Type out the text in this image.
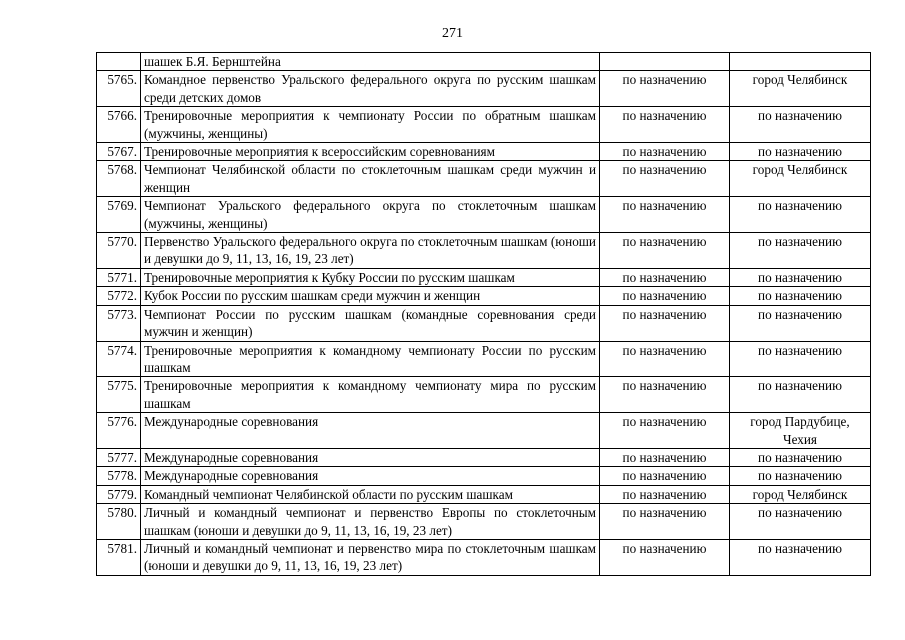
271
	шашек Б.Я. Бернштейна		
5765.	Командное первенство Уральского федерального округа по русским шашкам среди детских домов	по назначению	город Челябинск
5766.	Тренировочные мероприятия к чемпионату России по обратным шашкам (мужчины, женщины)	по назначению	по назначению
5767.	Тренировочные мероприятия к всероссийским соревнованиям	по назначению	по назначению
5768.	Чемпионат Челябинской области по стоклеточным шашкам среди мужчин и женщин	по назначению	город Челябинск
5769.	Чемпионат Уральского федерального округа по стоклеточным шашкам (мужчины, женщины)	по назначению	по назначению
5770.	Первенство Уральского федерального округа по стоклеточным шашкам (юноши и девушки до 9, 11, 13, 16, 19, 23 лет)	по назначению	по назначению
5771.	Тренировочные мероприятия к Кубку России по русским шашкам	по назначению	по назначению
5772.	Кубок России по русским шашкам среди мужчин и женщин	по назначению	по назначению
5773.	Чемпионат России по русским шашкам (командные соревнования среди мужчин и женщин)	по назначению	по назначению
5774.	Тренировочные мероприятия к командному чемпионату России по русским шашкам	по назначению	по назначению
5775.	Тренировочные мероприятия к командному чемпионату мира по русским шашкам	по назначению	по назначению
5776.	Международные соревнования	по назначению	город Пардубице, Чехия
5777.	Международные соревнования	по назначению	по назначению
5778.	Международные соревнования	по назначению	по назначению
5779.	Командный чемпионат Челябинской области по русским шашкам	по назначению	город Челябинск
5780.	Личный и командный чемпионат и первенство Европы по стоклеточным шашкам (юноши и девушки до 9, 11, 13, 16, 19, 23 лет)	по назначению	по назначению
5781.	Личный и командный чемпионат и первенство мира по стоклеточным шашкам (юноши и девушки до 9, 11, 13, 16, 19, 23 лет)	по назначению	по назначению
